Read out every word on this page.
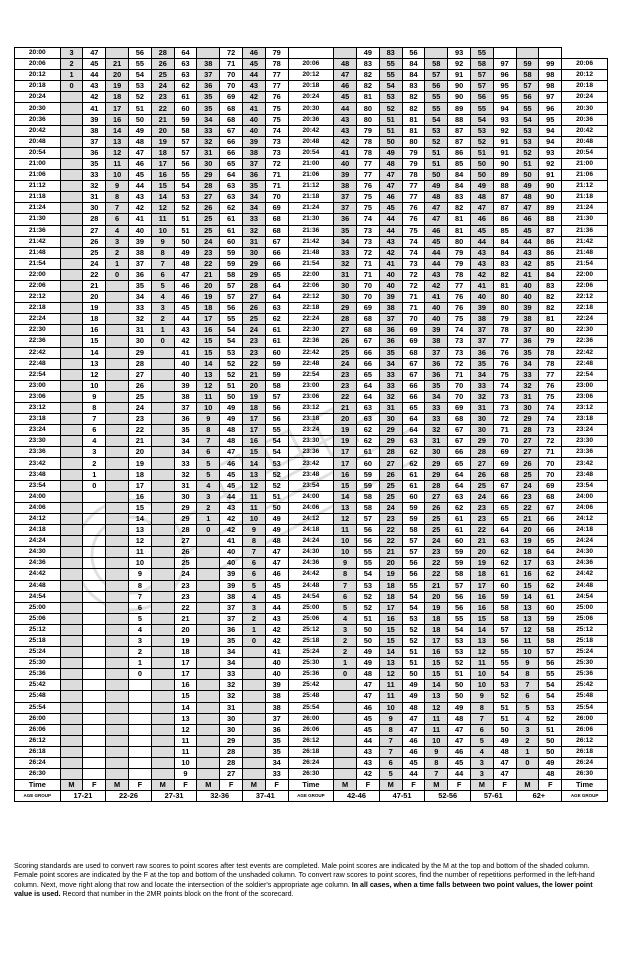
20:00	3	47		56	28	64		72	46	79			49	83	56		93	55				
20:06	2	45	21	55	26	63	38	71	45	78	20:06	48	83	55	84	58	92	58	97	59	99	20:06
20:12	1	44	20	54	25	63	37	70	44	77	20:12	47	82	55	84	57	91	57	96	58	98	20:12
20:18	0	43	19	53	24	62	36	70	43	77	20:18	46	82	54	83	56	90	57	95	57	98	20:18
20:24		42	18	52	23	61	35	69	42	76	20:24	45	81	53	82	55	90	56	95	56	97	20:24
20:30		41	17	51	22	60	35	68	41	75	20:30	44	80	52	82	55	89	55	94	55	96	20:30
20:36		39	16	50	21	59	34	68	40	75	20:36	43	80	51	81	54	88	54	93	54	95	20:36
20:42		38	14	49	20	58	33	67	40	74	20:42	43	79	51	81	53	87	53	92	53	94	20:42
20:48		37	13	48	19	57	32	66	39	73	20:48	42	78	50	80	52	87	52	91	53	94	20:48
20:54		36	12	47	18	57	31	66	38	73	20:54	41	78	49	79	51	86	51	91	52	93	20:54
21:00		35	11	46	17	56	30	65	37	72	21:00	40	77	48	79	51	85	50	90	51	92	21:00
21:06		33	10	45	16	55	29	64	36	71	21:06	39	77	47	78	50	84	50	89	50	91	21:06
21:12		32	9	44	15	54	28	63	35	71	21:12	38	76	47	77	49	84	49	88	49	90	21:12
21:18		31	8	43	14	53	27	63	34	70	21:18	37	75	46	77	48	83	48	87	48	90	21:18
21:24		30	7	42	12	52	26	62	34	69	21:24	37	75	45	76	47	82	47	87	47	89	21:24
21:30		28	6	41	11	51	25	61	33	68	21:30	36	74	44	76	47	81	46	86	46	88	21:30
21:36		27	4	40	10	51	25	61	32	68	21:36	35	73	44	75	46	81	45	85	45	87	21:36
21:42		26	3	39	9	50	24	60	31	67	21:42	34	73	43	74	45	80	44	84	44	86	21:42
21:48		25	2	38	8	49	23	59	30	66	21:48	33	72	42	74	44	79	43	84	43	86	21:48
21:54		24	1	37	7	48	22	59	29	66	21:54	32	71	41	73	44	79	43	83	42	85	21:54
22:00		22	0	36	6	47	21	58	29	65	22:00	31	71	40	72	43	78	42	82	41	84	22:00
22:06		21		35	5	46	20	57	28	64	22:06	30	70	40	72	42	77	41	81	40	83	22:06
22:12		20		34	4	46	19	57	27	64	22:12	30	70	39	71	41	76	40	80	40	82	22:12
22:18		19		33	3	45	18	56	26	63	22:18	29	69	38	71	40	76	39	80	39	82	22:18
22:24		18		32	2	44	17	55	25	62	22:24	28	68	37	70	40	75	38	79	38	81	22:24
22:30		16		31	1	43	16	54	24	61	22:30	27	68	36	69	39	74	37	78	37	80	22:30
22:36		15		30	0	42	15	54	23	61	22:36	26	67	36	69	38	73	37	77	36	79	22:36
22:42		14		29		41	15	53	23	60	22:42	25	66	35	68	37	73	36	76	35	78	22:42
22:48		13		28		40	14	52	22	59	22:48	24	66	34	67	36	72	35	76	34	78	22:48
22:54		12		27		40	13	52	21	59	22:54	23	65	33	67	36	71	34	75	33	77	22:54
23:00		10		26		39	12	51	20	58	23:00	23	64	33	66	35	70	33	74	32	76	23:00
23:06		9		25		38	11	50	19	57	23:06	22	64	32	66	34	70	32	73	31	75	23:06
23:12		8		24		37	10	49	18	56	23:12	21	63	31	65	33	69	31	73	30	74	23:12
23:18		7		23		36	9	49	17	56	23:18	20	63	30	64	33	68	30	72	29	74	23:18
23:24		6		22		35	8	48	17	55	23:24	19	62	29	64	32	67	30	71	28	73	23:24
23:30		4		21		34	7	48	16	54	23:30	19	62	29	63	31	67	29	70	27	72	23:30
23:36		3		20		34	6	47	15	54	23:36	17	61	28	62	30	66	28	69	27	71	23:36
23:42		2		19		33	5	46	14	53	23:42	17	60	27	62	29	65	27	69	26	70	23:42
23:48		1		18		32	5	45	13	52	23:48	16	59	26	61	29	64	26	68	25	70	23:48
23:54		0		17		31	4	45	12	52	23:54	15	59	25	61	28	64	25	67	24	69	23:54
24:00				16		30	3	44	11	51	24:00	14	58	25	60	27	63	24	66	23	68	24:00
24:06				15		29	2	43	11	50	24:06	13	58	24	59	26	62	23	65	22	67	24:06
24:12				14		29	1	42	10	49	24:12	12	57	23	59	25	61	23	65	21	66	24:12
24:18				13		28	0	42	9	49	24:18	11	56	22	58	25	61	22	64	20	66	24:18
24:24				12		27		41	8	48	24:24	10	56	22	57	24	60	21	63	19	65	24:24
24:30				11		26		40	7	47	24:30	10	55	21	57	23	59	20	62	18	64	24:30
24:36				10		25		40	6	47	24:36	9	55	20	56	22	59	19	62	17	63	24:36
24:42				9		24		39	6	46	24:42	8	54	19	56	22	58	18	61	16	62	24:42
24:48				8		23		39	5	45	24:48	7	53	18	55	21	57	17	60	15	62	24:48
24:54				7		23		38	4	45	24:54	6	52	18	54	20	56	16	59	14	61	24:54
25:00				6		22		37	3	44	25:00	5	52	17	54	19	56	16	58	13	60	25:00
25:06				5		21		37	2	43	25:06	4	51	16	53	18	55	15	58	13	59	25:06
25:12				4		20		36	1	42	25:12	3	50	15	52	18	54	14	57	12	58	25:12
25:18				3		19		35	0	42	25:18	2	50	15	52	17	53	13	56	11	58	25:18
25:24				2		18		34		41	25:24	2	49	14	51	16	53	12	55	10	57	25:24
25:30				1		17		34		40	25:30	1	49	13	51	15	52	11	55	9	56	25:30
25:36				0		17		33		40	25:36	0	48	12	50	15	51	10	54	8	55	25:36
25:42						16		32		39	25:42		47	11	49	14	50	10	53	7	54	25:42
25:48						15		32		38	25:48		47	11	49	13	50	9	52	6	54	25:48
25:54						14		31		38	25:54		46	10	48	12	49	8	51	5	53	25:54
26:00						13		30		37	26:00		45	9	47	11	48	7	51	4	52	26:00
26:06						12		30		36	26:06		45	8	47	11	47	6	50	3	51	26:06
26:12						11		29		35	26:12		44	7	46	10	47	5	49	2	50	26:12
26:18						11		28		35	26:18		43	7	46	9	46	4	48	1	50	26:18
26:24						10		28		34	26:24		43	6	45	8	45	3	47	0	49	26:24
26:30						9		27		33	26:30		42	5	44	7	44	3	47		48	26:30
Time	M	F	M	F	M	F	M	F	M	F	Time	M	F	M	F	M	F	M	F	M	F	Time
AGE GROUP	17-21		22-26		27-31		32-36		37-41		AGE GROUP	42-46		47-51		52-56		57-61		62+		AGE GROUP
Scoring standards are used to convert raw scores to point scores after test events are completed. Male point scores are indicated by the M at the top and bottom of the shaded column. Female point scores are indicated by the F at the top and bottom of the unshaded column. To convert raw scores to point scores, find the number of repetitions performed in the left-hand column. Next, move right along that row and locate the intersection of the soldier's appropriate age column. In all cases, when a time falls between two point values, the lower point value is used. Record that number in the 2MR points block on the front of the scorecard.
